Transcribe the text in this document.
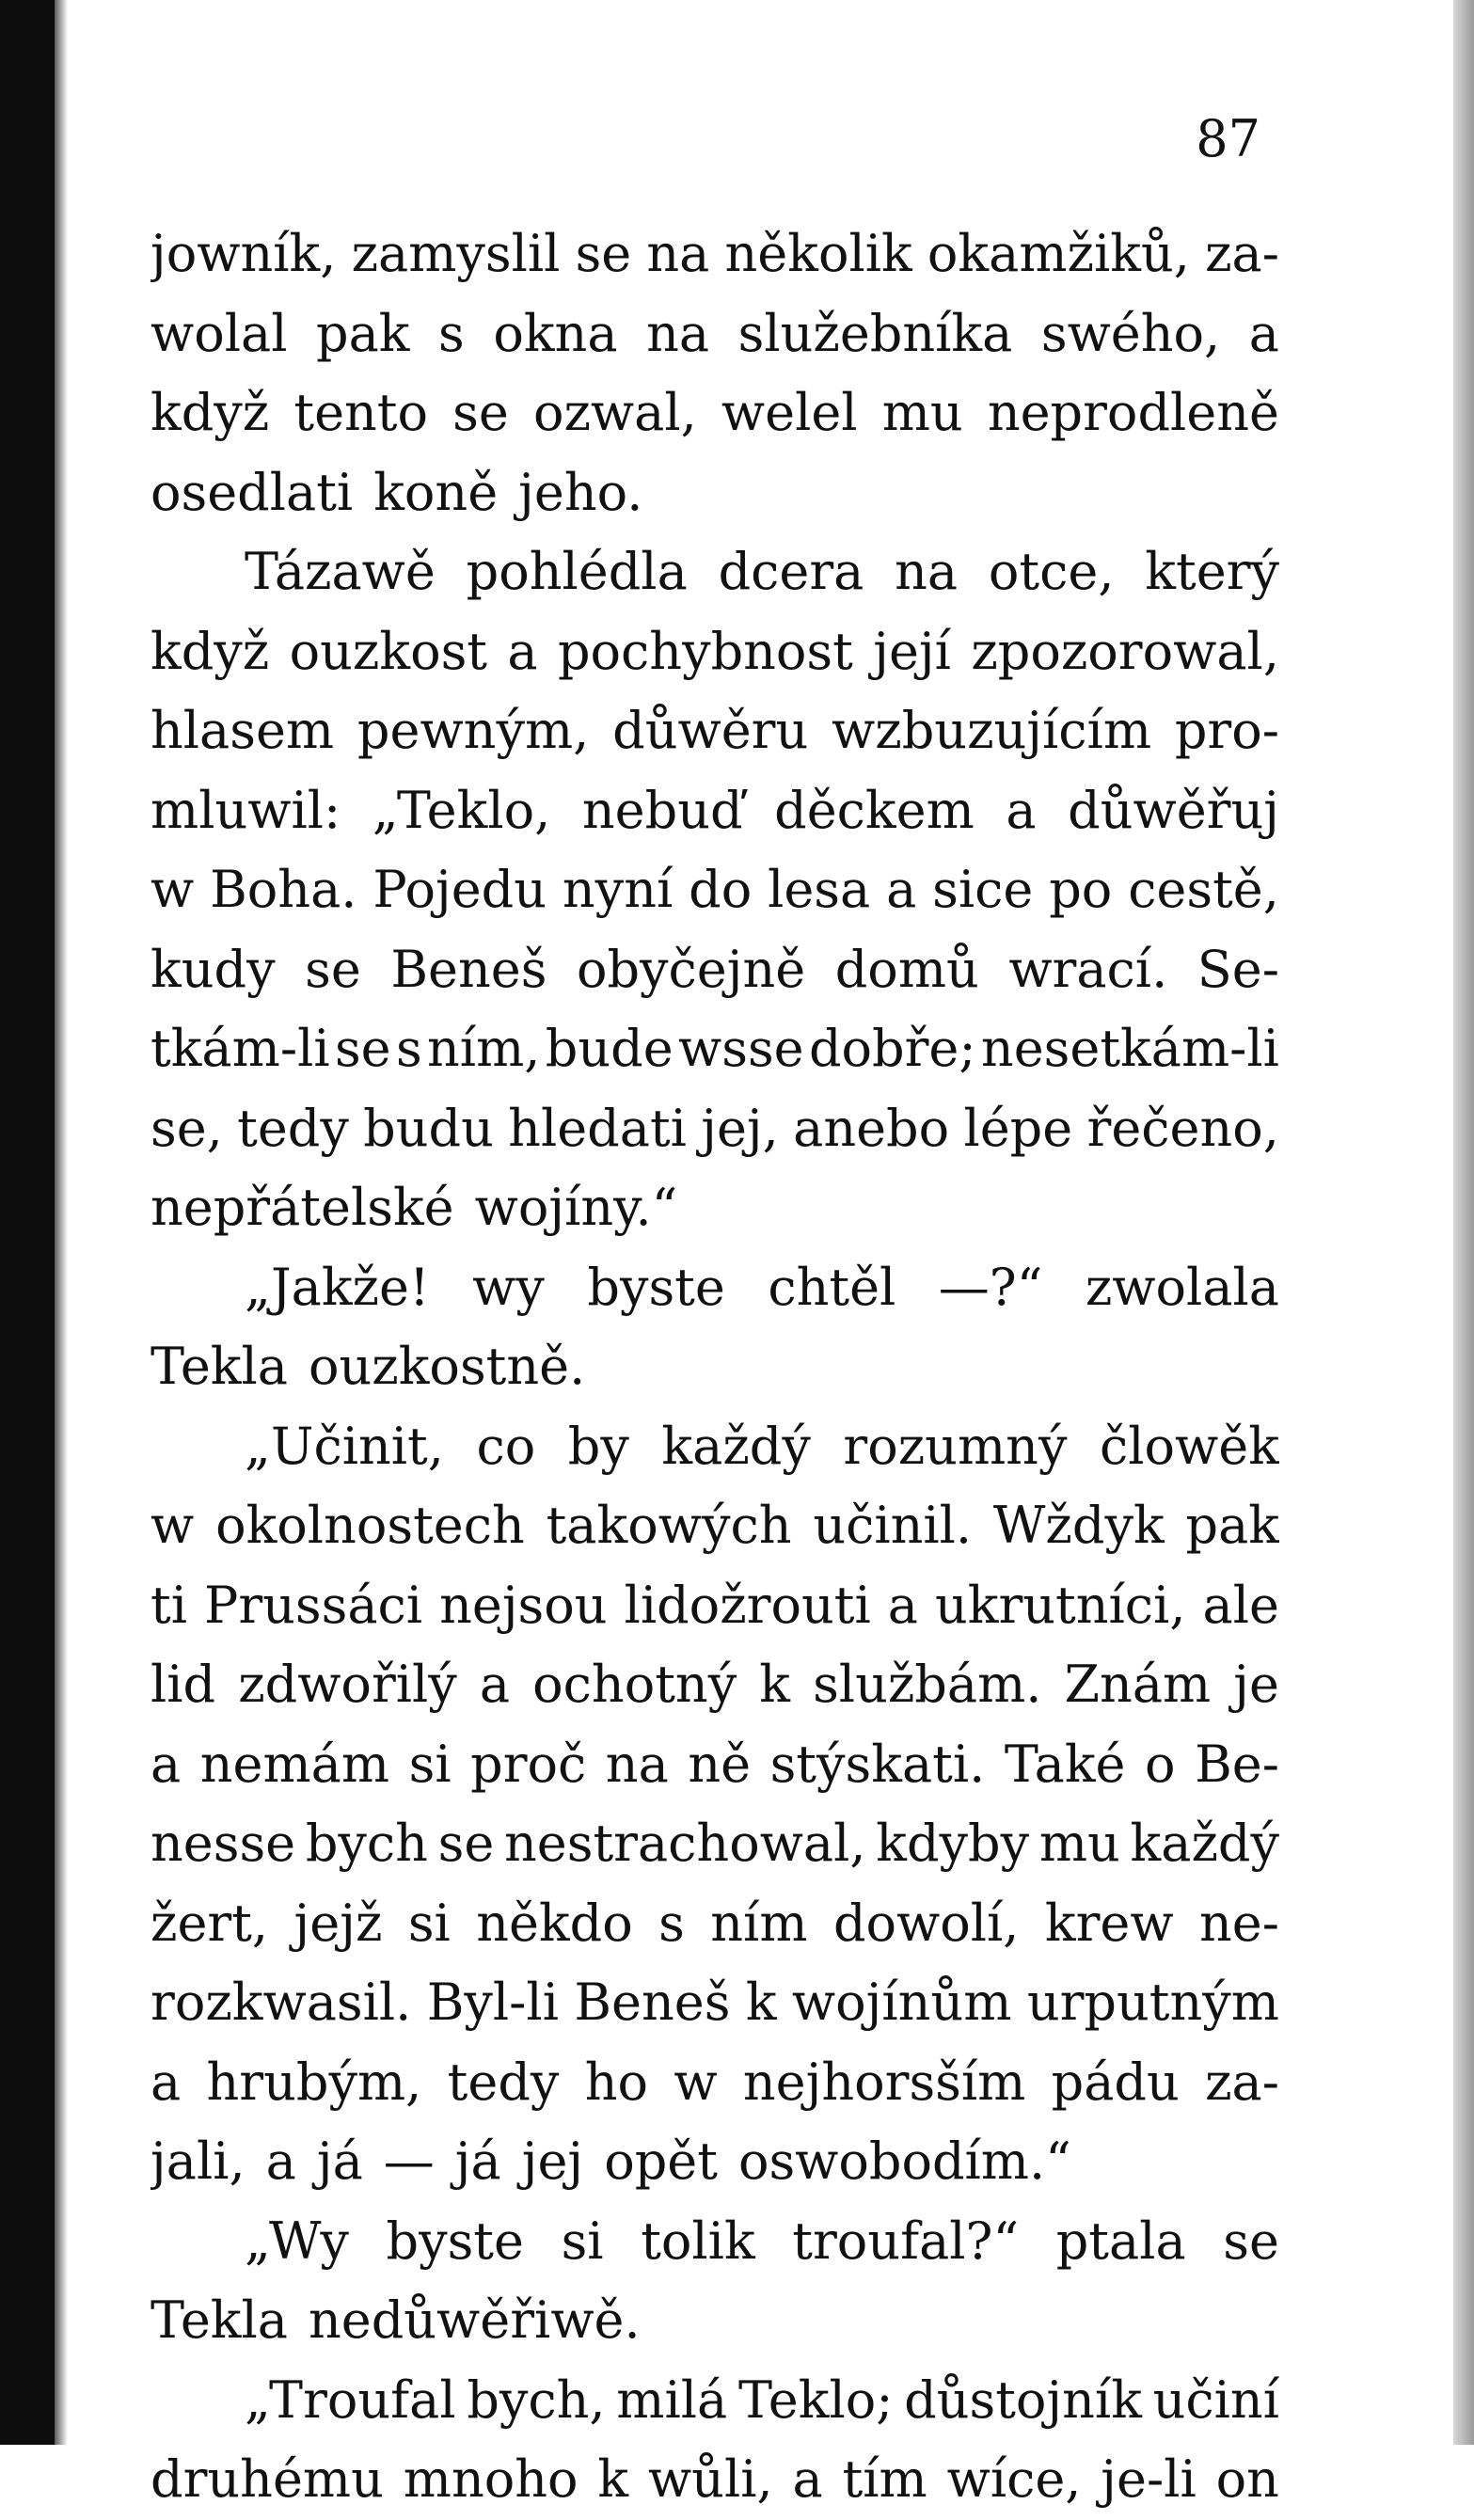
87
jowník, zamyslil se na několik okamžiků, za-
wolal pak s okna na služebníka swého, a
když tento se ozwal, welel mu neprodleně
osedlati koně jeho.
Tázawě pohlédla dcera na otce, který
když ouzkost a pochybnost její zpozorowal,
hlasem pewným, důwěru wzbuzujícím pro-
mluwil: „Teklo, nebuď děckem a důwěřuj
w Boha. Pojedu nyní do lesa a sice po cestě,
kudy se Beneš obyčejně domů wrací. Se-
tkám-li se s ním, bude wsse dobře; nesetkám-li
se, tedy budu hledati jej, anebo lépe řečeno,
nepřátelské wojíny.“
„Jakže! wy byste chtěl —?“ zwolala
Tekla ouzkostně.
„Učinit, co by každý rozumný člowěk
w okolnostech takowých učinil. Wždyk pak
ti Prussáci nejsou lidožrouti a ukrutníci, ale
lid zdwořilý a ochotný k službám. Znám je
a nemám si proč na ně stýskati. Také o Be-
nesse bych se nestrachowal, kdyby mu každý
žert, jejž si někdo s ním dowolí, krew ne-
rozkwasil. Byl-li Beneš k wojínům urputným
a hrubým, tedy ho w nejhorsším pádu za-
jali, a já — já jej opět oswobodím.“
„Wy byste si tolik troufal?“ ptala se
Tekla nedůwěřiwě.
„Troufal bych, milá Teklo; důstojník učiní
druhému mnoho k wůli, a tím wíce, je-li on
